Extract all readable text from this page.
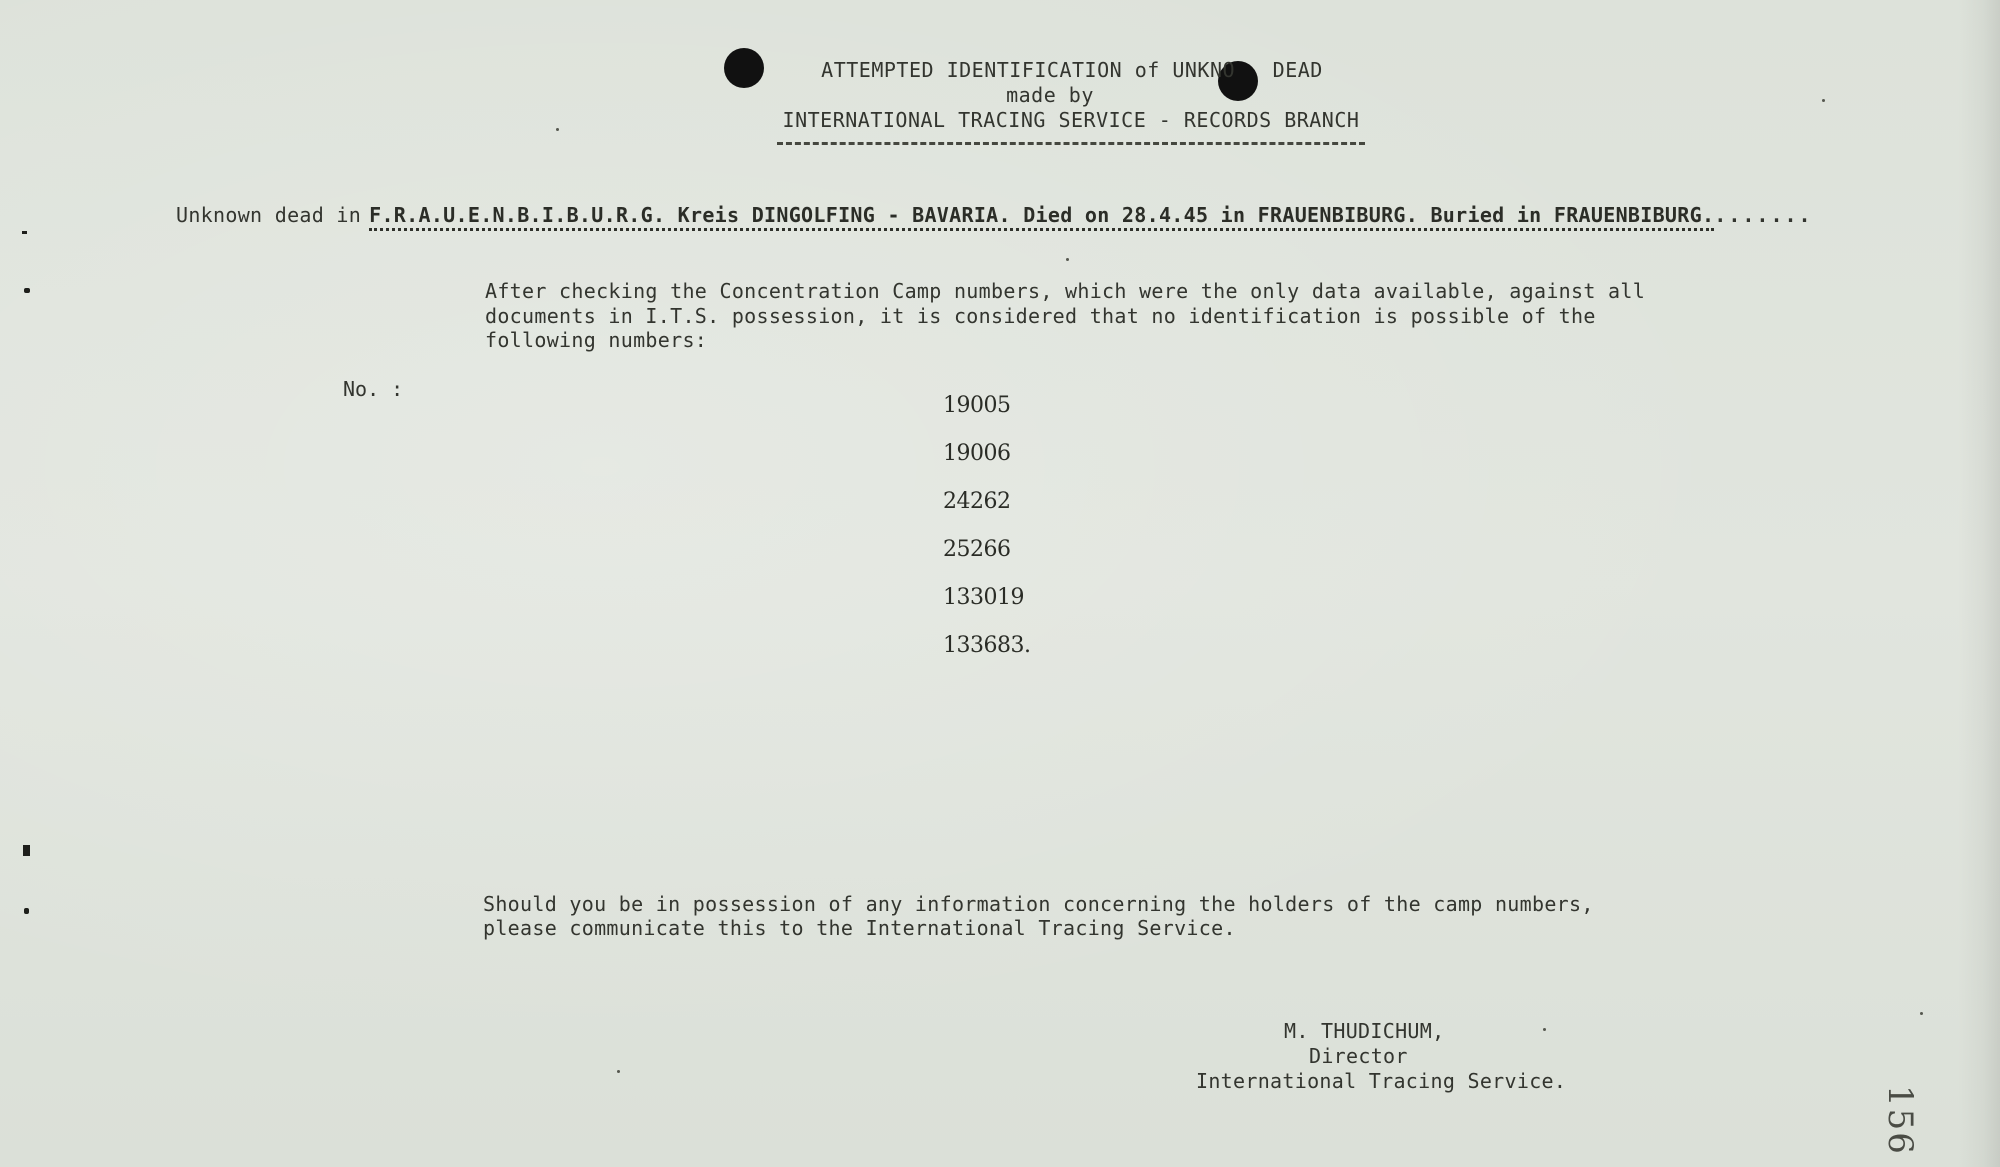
ATTEMPTED IDENTIFICATION of UNKNO   DEAD
made by
INTERNATIONAL TRACING SERVICE - RECORDS BRANCH
Unknown dead in F.R.A.U.E.N.B.I.B.U.R.G. Kreis DINGOLFING - BAVARIA. Died on 28.4.45 in FRAUENBIBURG. Buried in FRAUENBIBURG........
After checking the Concentration Camp numbers, which were the only data available, against all
documents in I.T.S. possession, it is considered that no identification is possible of the
following numbers:
No. :
19005
19006
24262
25266
133019
133683.
Should you be in possession of any information concerning the holders of the camp numbers,
please communicate this to the International Tracing Service.
M. THUDICHUM,
Director
International Tracing Service.
156
